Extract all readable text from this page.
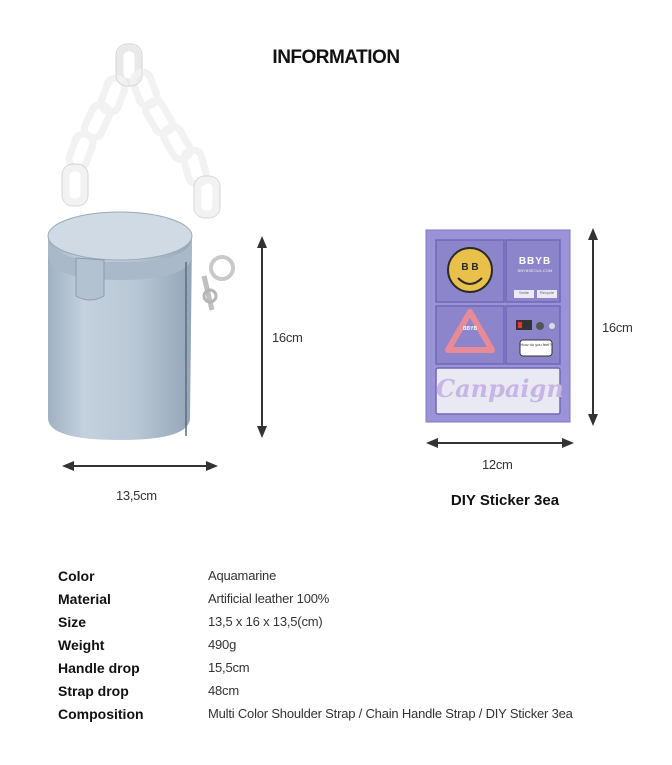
INFORMATION
B B
BBYB
BBYBSEOUL.COM
Smile	Recycle
BBYB
How do you feel?
Canpaign
16cm
13,5cm
16cm
12cm
DIY Sticker 3ea
Color	Aquamarine
Material	Artificial leather 100%
Size	13,5 x 16 x 13,5(cm)
Weight	490g
Handle drop	15,5cm
Strap drop	48cm
Composition	Multi Color Shoulder Strap / Chain Handle Strap / DIY Sticker 3ea
